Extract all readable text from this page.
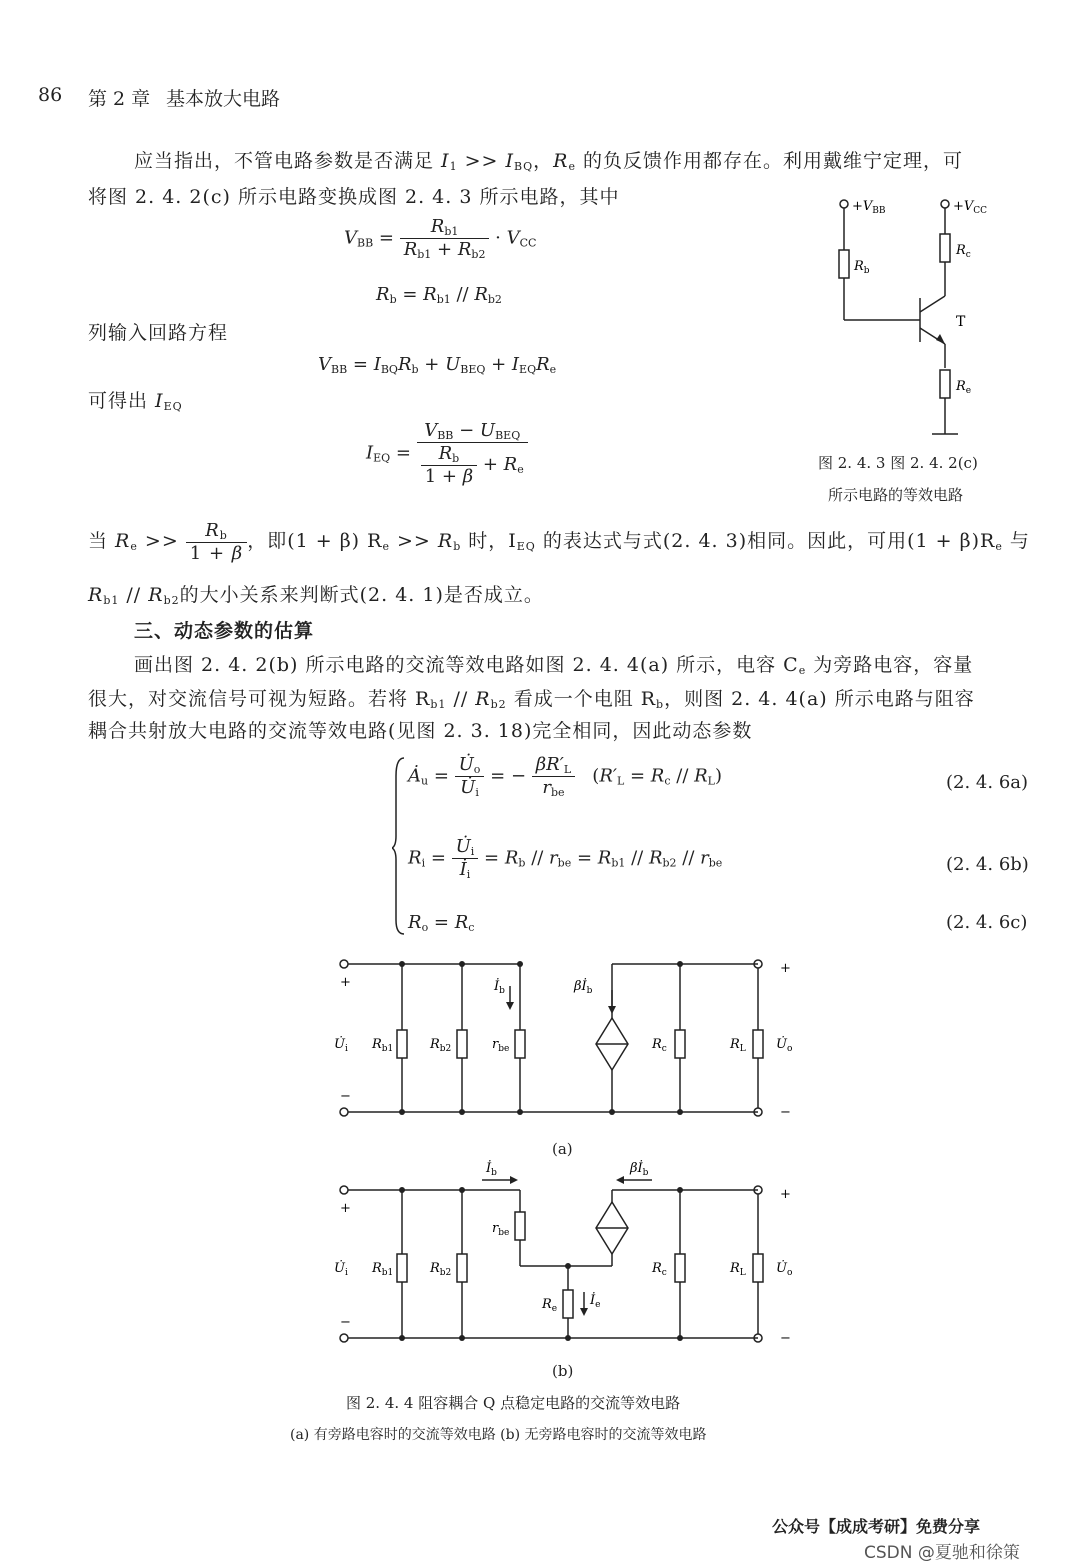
86 第 2 章 基本放大电路
应当指出，不管电路参数是否满足 $I_1 >> I_{BQ}$，$R_e$ 的负反馈作用都存在。利用戴维宁定理，可
将图 2. 4. 2(c) 所示电路变换成图 2. 4. 3 所示电路，其中
$V_{BB} = \frac{R_{b1}}{R_{b1} + R_{b2}} \cdot V_{CC}$
$R_b = R_{b1} // R_{b2}$
列输入回路方程
$V_{BB} = I_{BQ}R_b + U_{BEQ} + I_{EQ}R_e$
可得出 $I_{EQ}$
$I_{EQ} = \frac{V_{BB} - U_{BEQ}}{\frac{R_b}{1 + \beta} + R_e}$
$+V_{BB}$	$+V_{CC}$
$R_b$
$R_c$
$R_e$
T
图 2. 4. 3 图 2. 4. 2(c)
所示电路的等效电路
当 $R_e >> \frac{R_b}{1 + \beta}$ ，即(1 + β) $R_e >> R_b$ 时，$I_{EQ}$ 的表达式与式(2. 4. 3)相同。因此，可用$(1 + \beta)R_e$ 与
$R_{b1} // R_{b2}$的大小关系来判断式(2. 4. 1)是否成立。
三、动态参数的估算
画出图 2. 4. 2(b) 所示电路的交流等效电路如图 2. 4. 4(a) 所示，电容 $C_e$ 为旁路电容，容量
很大，对交流信号可视为短路。若将 $R_{b1} // R_{b2}$ 看成一个电阻 $R_b$，则图 2. 4. 4(a) 所示电路与阻容
耦合共射放大电路的交流等效电路(见图 2. 3. 18)完全相同，因此动态参数
$Ȧ_u = \frac{U̇_o}{U̇_i}$ = − $\frac{\beta R'_L}{r_{be}} (R'_L = R_c // R_L)$	(2. 4. 6a)
$R_i = \frac{U̇_i}{İ_i} = R_b // r_{be} = R_{b1} // R_{b2} // r_{be}$	(2. 4. 6b)
$R_o = R_c$	(2. 4. 6c)
+
−
$U̇_i$ $R_{b1}$	$R_{b2}$	$r_{be}$
$İ_b$	$\beta İ_b$
$R_c$	$R_L$ $U̇_o$
+
−
(a)
+
−
$U̇_i$ $R_{b1}$	$R_{b2}$
$r_{be}$
$İ_b$	$\beta İ_b$
$R_e$
$İ_e$
$R_c$	$R_L$ $U̇_o$
+
−
(b)
图 2. 4. 4 阻容耦合 Q 点稳定电路的交流等效电路
(a) 有旁路电容时的交流等效电路 (b) 无旁路电容时的交流等效电路
公众号【成成考研】免费分享
CSDN @夏驰和徐策
